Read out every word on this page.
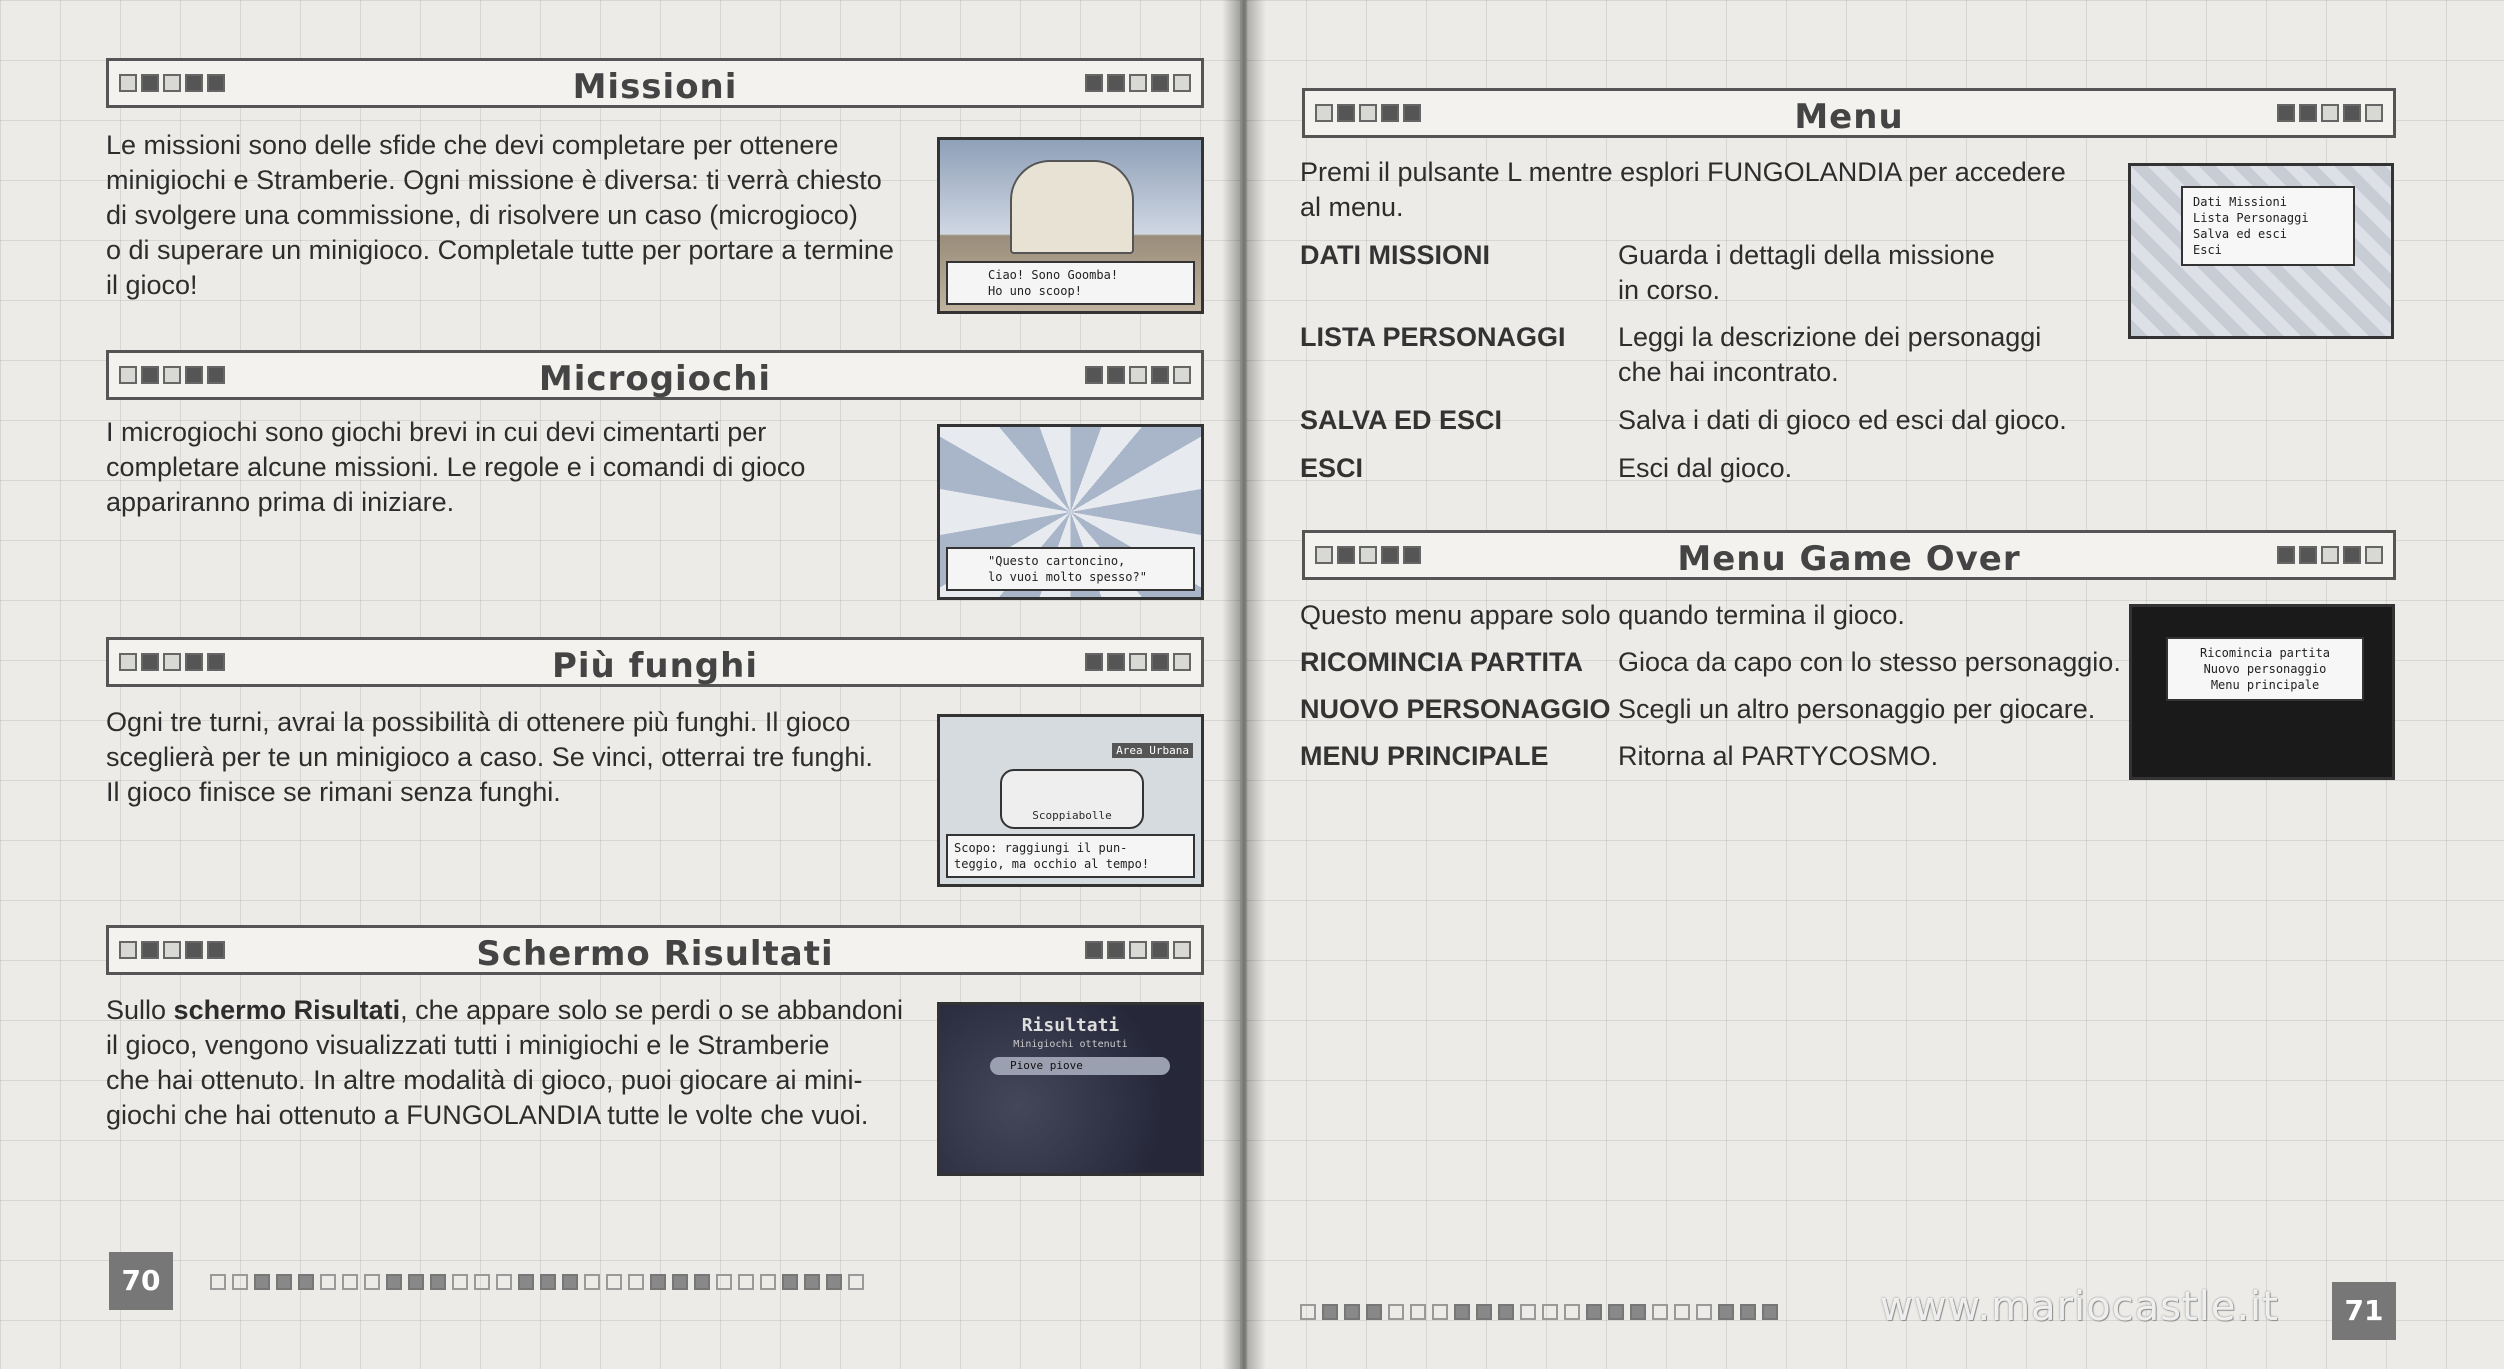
Missioni
Le missioni sono delle sfide che devi completare per ottenere
minigiochi e Stramberie. Ogni missione è diversa: ti verrà chiesto
di svolgere una commissione, di risolvere un caso (microgioco)
o di superare un minigioco. Completale tutte per portare a termine
il gioco!	Ciao! Sono Goomba!
Ho uno scoop!
Microgiochi
I microgiochi sono giochi brevi in cui devi cimentarti per
completare alcune missioni. Le regole e i comandi di gioco
appariranno prima di iniziare.
"Questo cartoncino,
lo vuoi molto spesso?"
Più funghi
Ogni tre turni, avrai la possibilità di ottenere più funghi. Il gioco
sceglierà per te un minigioco a caso. Se vinci, otterrai tre funghi.
Il gioco finisce se rimani senza funghi.
Area Urbana
Scoppiabolle
Scopo: raggiungi il pun-
teggio, ma occhio al tempo!
Schermo Risultati
Sullo schermo Risultati, che appare solo se perdi o se abbandoni
il gioco, vengono visualizzati tutti i minigiochi e le Stramberie
che hai ottenuto. In altre modalità di gioco, puoi giocare ai mini-
giochi che hai ottenuto a FUNGOLANDIA tutte le volte che vuoi.
Risultati
Minigiochi ottenuti
Piove piove
70
Menu
Premi il pulsante L mentre esplori FUNGOLANDIA per accedere
al menu.
DATI MISSIONI	Guarda i dettagli della missione
in corso.
LISTA PERSONAGGI Leggi la descrizione dei personaggi
che hai incontrato.
SALVA ED ESCI	Salva i dati di gioco ed esci dal gioco.
ESCI	Esci dal gioco.
Dati Missioni
Lista Personaggi
Salva ed esci
Esci
Menu Game Over
Questo menu appare solo quando termina il gioco.
RICOMINCIA PARTITA Gioca da capo con lo stesso personaggio.
NUOVO PERSONAGGIO Scegli un altro personaggio per giocare.
MENU PRINCIPALE	Ritorna al PARTYCOSMO.
Ricomincia partita
Nuovo personaggio
Menu principale
www.mariocastle.it	71
